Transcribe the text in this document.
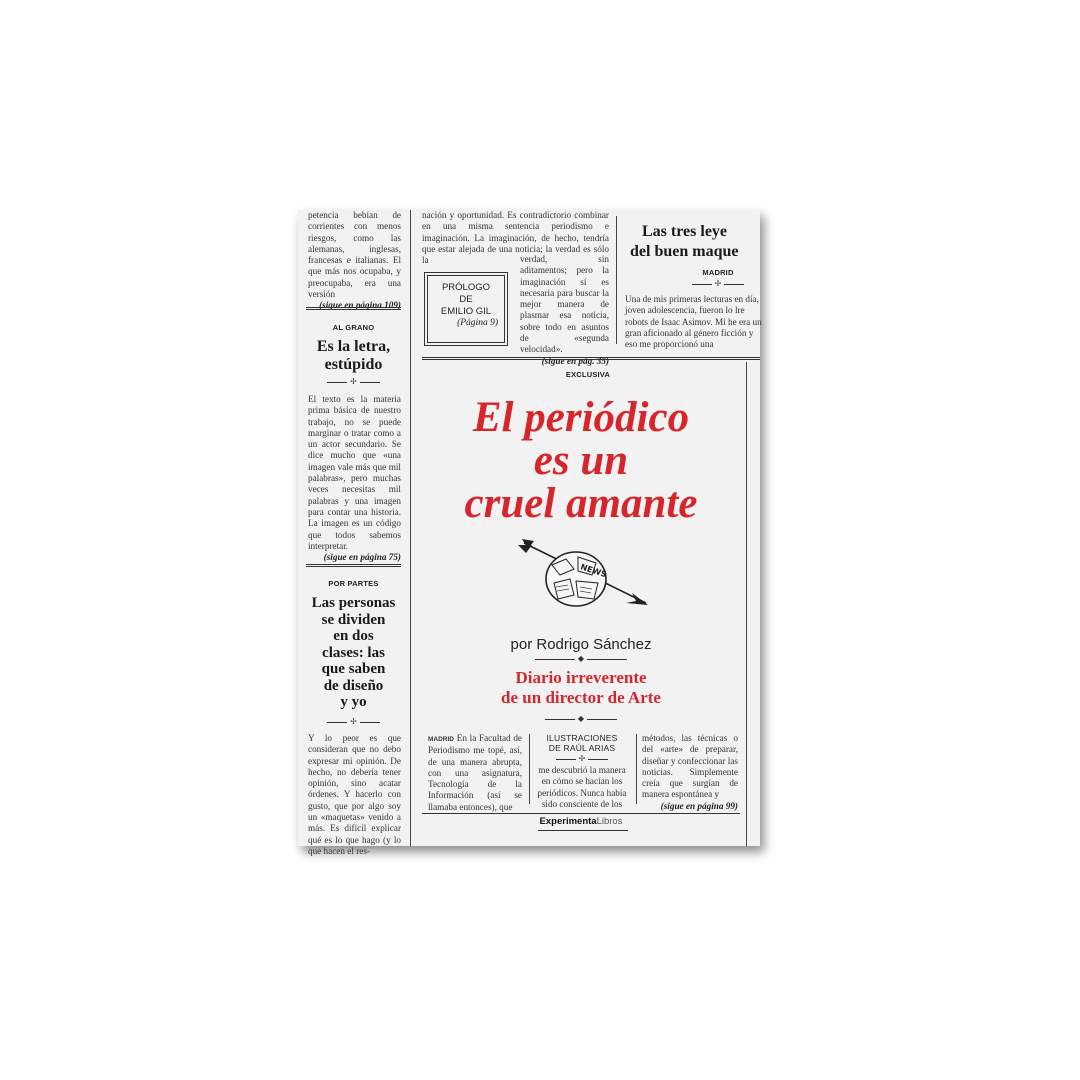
petencia bebían de corrientes con menos riesgos, como las alemanas, inglesas, francesas e italianas. El que más nos ocupaba, y preocupaba, era una versión

(sigue en página 109)

AL GRANO
Es la letra,
estúpido
✢

El texto es la materia prima básica de nuestro trabajo, no se puede marginar o tratar como a un actor secundario. Se dice mucho que «una imagen vale más que mil palabras», pero muchas veces necesitas mil palabras y una imagen para contar una historia. La imagen es un código que todos sabemos interpretar.

(sigue en página 75)

POR PARTES
Las personas
se dividen
en dos
clases: las
que saben
de diseño
y yo
✢

Y lo peor es que consideran que no debo expresar mi opinión. De hecho, no debería tener opinión, sino acatar órdenes. Y hacerlo con gusto, que por algo soy un «maquetas» venido a más. Es difícil explicar qué es lo que hago (y lo que hacen el res-

nación y oportunidad. Es contradictorio combinar en una misma sentencia periodismo e imaginación. La imaginación, de hecho, tendría que estar alejada de una noticia; la verdad es sólo la

PRÓLOGO
DE
EMILIO GIL
(Página 9)

verdad, sin aditamentos; pero la imaginación sí es necesaria para buscar la mejor manera de plasmar esa noticia, sobre todo en asuntos de «segunda velocidad».

(sigue en pág. 35)

Las tres leye
del buen maque
MADRID
✢

Una de mis primeras lecturas en día, joven adolescencia, fueron lo lre robots de Isaac Asimov. Mi he era un gran aficionado al género ficción y eso me proporcionó una

EXCLUSIVA
El periódico
es un
cruel amante
NEWS
por Rodrigo Sánchez
◆
Diario irreverente
de un director de Arte
◆

MADRID En la Facultad de Periodismo me topé, así, de una manera abrupta, con una asignatura, Tecnología de la Información (así se llamaba entonces), que

ILUSTRACIONES
DE RAÚL ARIAS
✢

me descubrió la manera en cómo se hacían los periódicos. Nunca había sido consciente de los

métodos, las técnicas o del «arte» de preparar, diseñar y confeccionar las noticias. Simplemente creía que surgían de manera espontánea y

(sigue en página 99)

ExperimentaLibros
